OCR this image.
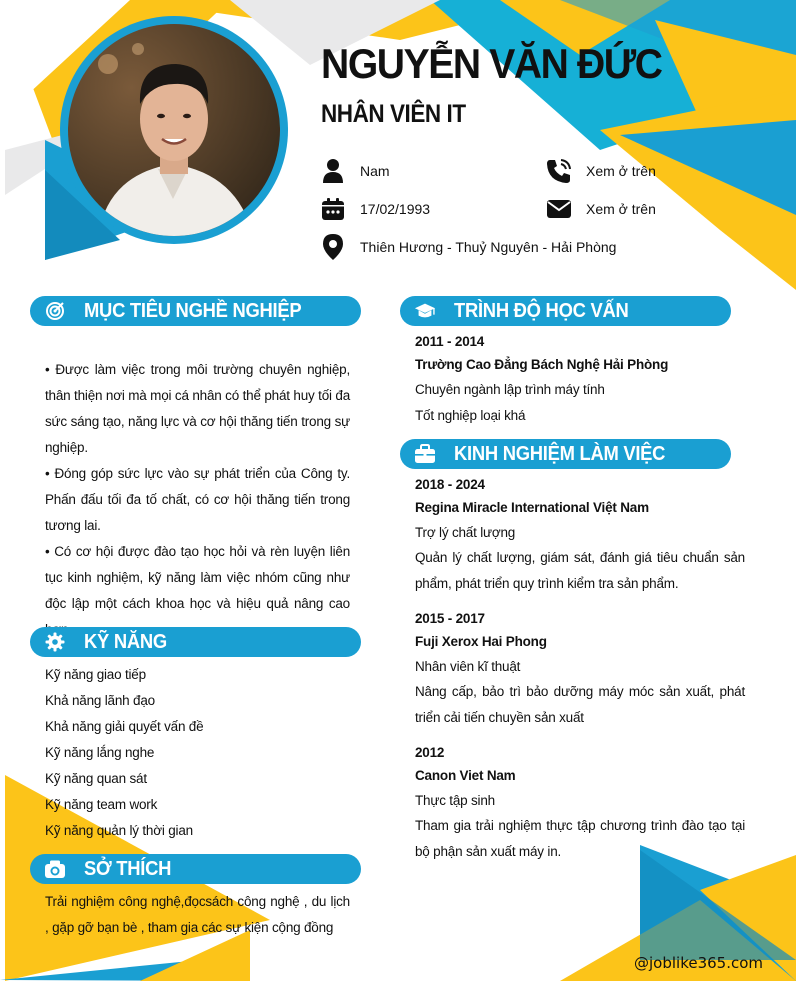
NGUYỄN VĂN ĐỨC
NHÂN VIÊN IT
Nam
17/02/1993
Thiên Hương - Thuỷ Nguyên - Hải Phòng
Xem ở trên
Xem ở trên
MỤC TIÊU NGHỀ NGHIỆP
• Được làm việc trong môi trường chuyên nghiệp, thân thiện nơi mà mọi cá nhân có thể phát huy tối đa sức sáng tạo, năng lực và cơ hội thăng tiến trong sự nghiệp.
• Đóng góp sức lực vào sự phát triển của Công ty. Phấn đấu tối đa tố chất, có cơ hội thăng tiến trong tương lai.
• Có cơ hội được đào tạo học hỏi và rèn luyện liên tục kinh nghiệm, kỹ năng làm việc nhóm cũng như độc lập một cách khoa học và hiệu quả nâng cao
KỸ NĂNG
Kỹ năng giao tiếp
Khả năng lãnh đạo
Khả năng giải quyết vấn đề
Kỹ năng lắng nghe
Kỹ năng quan sát
Kỹ năng team work
Kỹ năng quản lý thời gian
SỞ THÍCH
Trải nghiệm công nghệ,đọcsách công nghệ , du lịch , gặp gỡ bạn bè , tham gia các sự kiện cộng đồng
TRÌNH ĐỘ HỌC VẤN
2011 - 2014
Trường Cao Đẳng Bách Nghệ Hải Phòng
Chuyên ngành lập trình máy tính
Tốt nghiệp loại khá
KINH NGHIỆM LÀM VIỆC
2018 - 2024
Regina Miracle International Việt Nam
Trợ lý chất lượng
Quản lý chất lượng, giám sát, đánh giá tiêu chuẩn sản phẩm, phát triển quy trình kiểm tra sản phẩm.
2015 - 2017
Fuji Xerox Hai Phong
Nhân viên kĩ thuật
Nâng cấp, bảo trì bảo dưỡng máy móc sản xuất, phát triển cải tiến chuyền sản xuất
2012
Canon Viet Nam
Thực tập sinh
Tham gia trải nghiệm thực tập chương trình đào tạo tại bộ phận sản xuất máy in.
@joblike365.com
